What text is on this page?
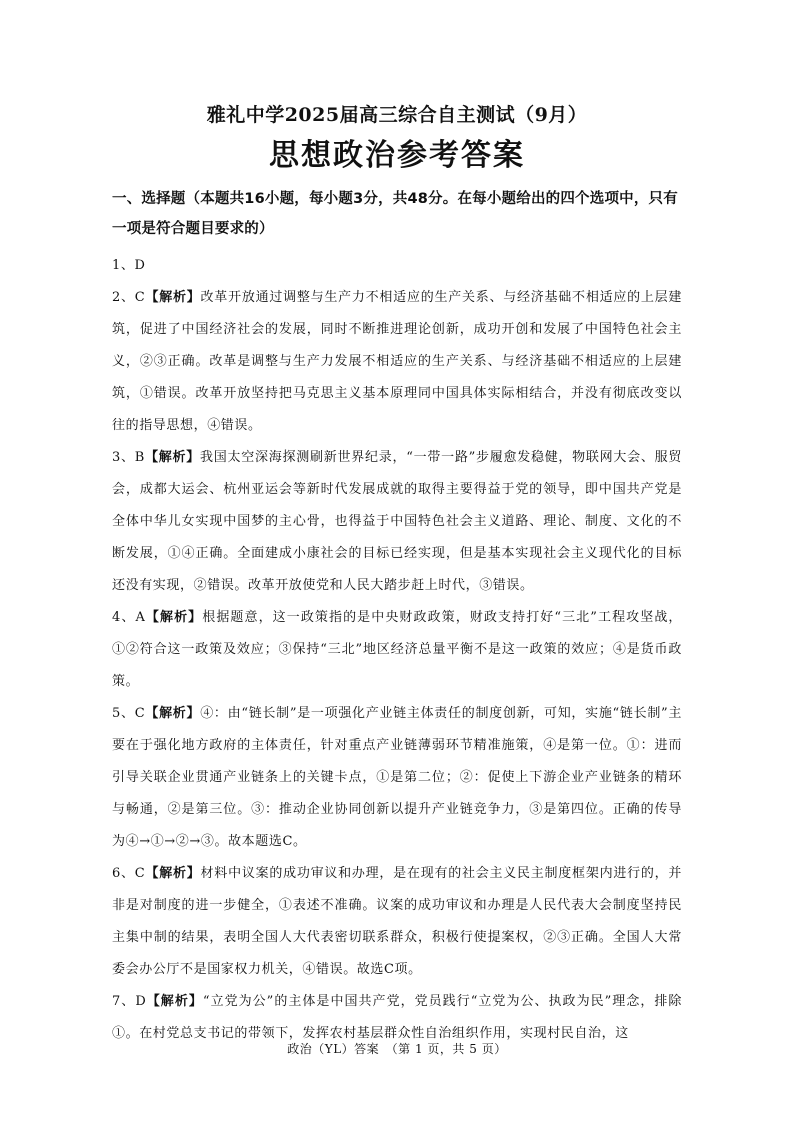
雅礼中学2025届高三综合自主测试（9月）
思想政治参考答案
一、选择题（本题共16小题，每小题3分，共48分。在每小题给出的四个选项中，只有一项是符合题目要求的）

1、D

2、C【解析】改革开放通过调整与生产力不相适应的生产关系、与经济基础不相适应的上层建筑，促进了中国经济社会的发展，同时不断推进理论创新，成功开创和发展了中国特色社会主义，②③正确。改革是调整与生产力发展不相适应的生产关系、与经济基础不相适应的上层建筑，①错误。改革开放坚持把马克思主义基本原理同中国具体实际相结合，并没有彻底改变以往的指导思想，④错误。

3、B【解析】我国太空深海探测刷新世界纪录，“一带一路”步履愈发稳健，物联网大会、服贸会，成都大运会、杭州亚运会等新时代发展成就的取得主要得益于党的领导，即中国共产党是全体中华儿女实现中国梦的主心骨，也得益于中国特色社会主义道路、理论、制度、文化的不断发展，①④正确。全面建成小康社会的目标已经实现，但是基本实现社会主义现代化的目标还没有实现，②错误。改革开放使党和人民大踏步赶上时代，③错误。

4、A【解析】根据题意，这一政策指的是中央财政政策，财政支持打好“三北”工程攻坚战，①②符合这一政策及效应；③保持“三北”地区经济总量平衡不是这一政策的效应；④是货币政策。

5、C【解析】④：由“链长制”是一项强化产业链主体责任的制度创新，可知，实施“链长制”主要在于强化地方政府的主体责任，针对重点产业链薄弱环节精准施策，④是第一位。①：进而引导关联企业贯通产业链条上的关键卡点，①是第二位；②：促使上下游企业产业链条的精环与畅通，②是第三位。③：推动企业协同创新以提升产业链竞争力，③是第四位。正确的传导为④→①→②→③。故本题选C。

6、C【解析】材料中议案的成功审议和办理，是在现有的社会主义民主制度框架内进行的，并非是对制度的进一步健全，①表述不准确。议案的成功审议和办理是人民代表大会制度坚持民主集中制的结果，表明全国人大代表密切联系群众，积极行使提案权，②③正确。全国人大常委会办公厅不是国家权力机关，④错误。故选C项。

7、D【解析】“立党为公”的主体是中国共产党，党员践行“立党为公、执政为民”理念，排除①。在村党总支书记的带领下，发挥农村基层群众性自治组织作用，实现村民自治，这

政治（YL）答案　（第 1 页，共 5 页）
